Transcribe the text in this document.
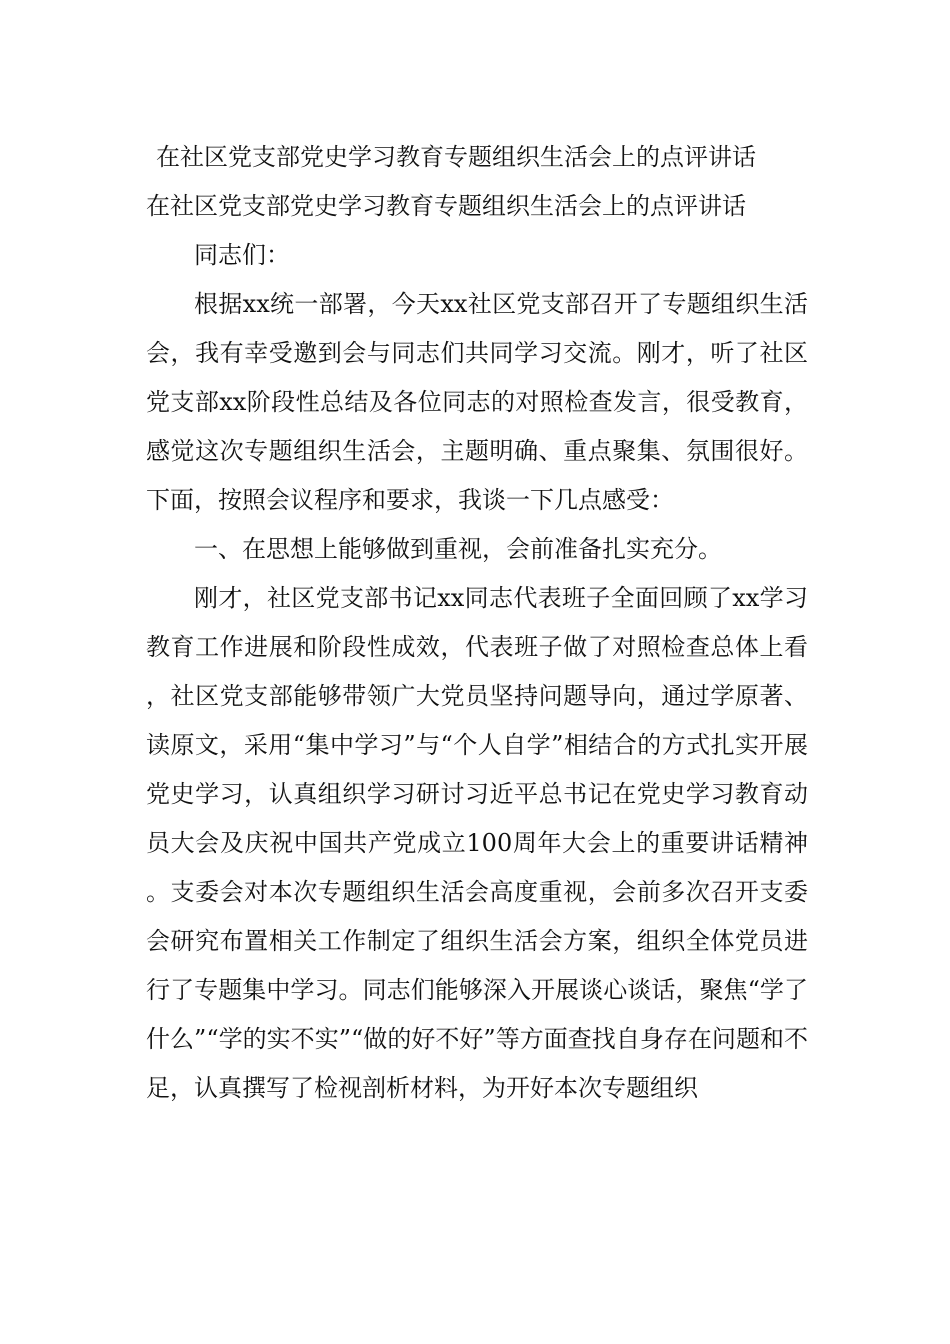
在社区党支部党史学习教育专题组织生活会上的点评讲话

在社区党支部党史学习教育专题组织生活会上的点评讲话

同志们：

根据xx统一部署，今天xx社区党支部召开了专题组织生活会，我有幸受邀到会与同志们共同学习交流。刚才，听了社区党支部xx阶段性总结及各位同志的对照检查发言，很受教育，感觉这次专题组织生活会，主题明确、重点聚集、氛围很好。下面，按照会议程序和要求，我谈一下几点感受：

一、在思想上能够做到重视，会前准备扎实充分。

刚才，社区党支部书记xx同志代表班子全面回顾了xx学习教育工作进展和阶段性成效，代表班子做了对照检查总体上看，社区党支部能够带领广大党员坚持问题导向，通过学原著、读原文，采用“集中学习”与“个人自学”相结合的方式扎实开展党史学习，认真组织学习研讨习近平总书记在党史学习教育动员大会及庆祝中国共产党成立100周年大会上的重要讲话精神。支委会对本次专题组织生活会高度重视，会前多次召开支委会研究布置相关工作制定了组织生活会方案，组织全体党员进行了专题集中学习。同志们能够深入开展谈心谈话，聚焦“学了什么”“学的实不实”“做的好不好”等方面查找自身存在问题和不足，认真撰写了检视剖析材料，为开好本次专题组织
